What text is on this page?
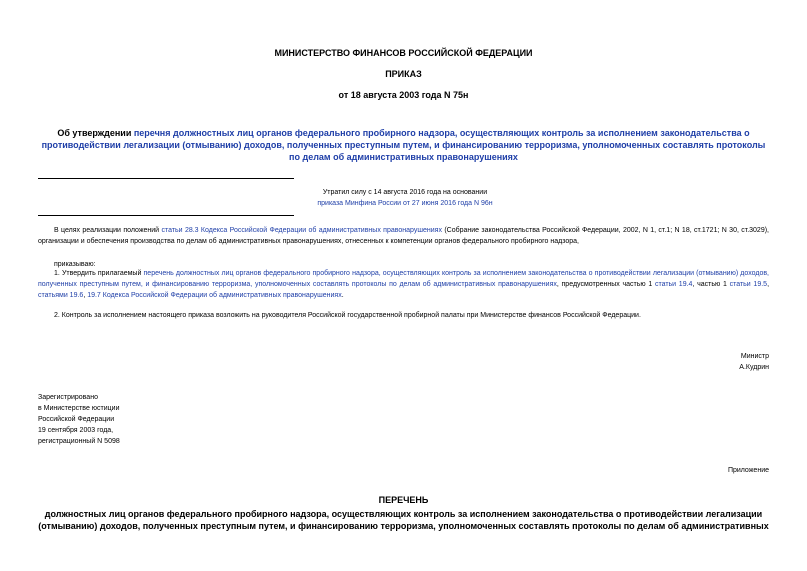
МИНИСТЕРСТВО ФИНАНСОВ РОССИЙСКОЙ ФЕДЕРАЦИИ
ПРИКАЗ
от 18 августа 2003 года N 75н
Об утверждении перечня должностных лиц органов федерального пробирного надзора, осуществляющих контроль за исполнением законодательства о противодействии легализации (отмыванию) доходов, полученных преступным путем, и финансированию терроризма, уполномоченных составлять протоколы по делам об административных правонарушениях
Утратил силу с 14 августа 2016 года на основании
приказа Минфина России от 27 июня 2016 года N 96н
В целях реализации положений статьи 28.3 Кодекса Российской Федерации об административных правонарушениях (Собрание законодательства Российской Федерации, 2002, N 1, ст.1; N 18, ст.1721; N 30, ст.3029), организации и обеспечения производства по делам об административных правонарушениях, отнесенных к компетенции органов федерального пробирного надзора,
приказываю:
1. Утвердить прилагаемый перечень должностных лиц органов федерального пробирного надзора, осуществляющих контроль за исполнением законодательства о противодействии легализации (отмыванию) доходов, полученных преступным путем, и финансированию терроризма, уполномоченных составлять протоколы по делам об административных правонарушениях, предусмотренных частью 1 статьи 19.4, частью 1 статьи 19.5, статьями 19.6, 19.7 Кодекса Российской Федерации об административных правонарушениях.
2. Контроль за исполнением настоящего приказа возложить на руководителя Российской государственной пробирной палаты при Министерстве финансов Российской Федерации.
Министр
А.Кудрин
Зарегистрировано
в Министерстве юстиции
Российской Федерации
19 сентября 2003 года,
регистрационный N 5098
Приложение
ПЕРЕЧЕНЬ
должностных лиц органов федерального пробирного надзора, осуществляющих контроль за исполнением законодательства о противодействии легализации (отмыванию) доходов, полученных преступным путем, и финансированию терроризма, уполномоченных составлять протоколы по делам об административных
